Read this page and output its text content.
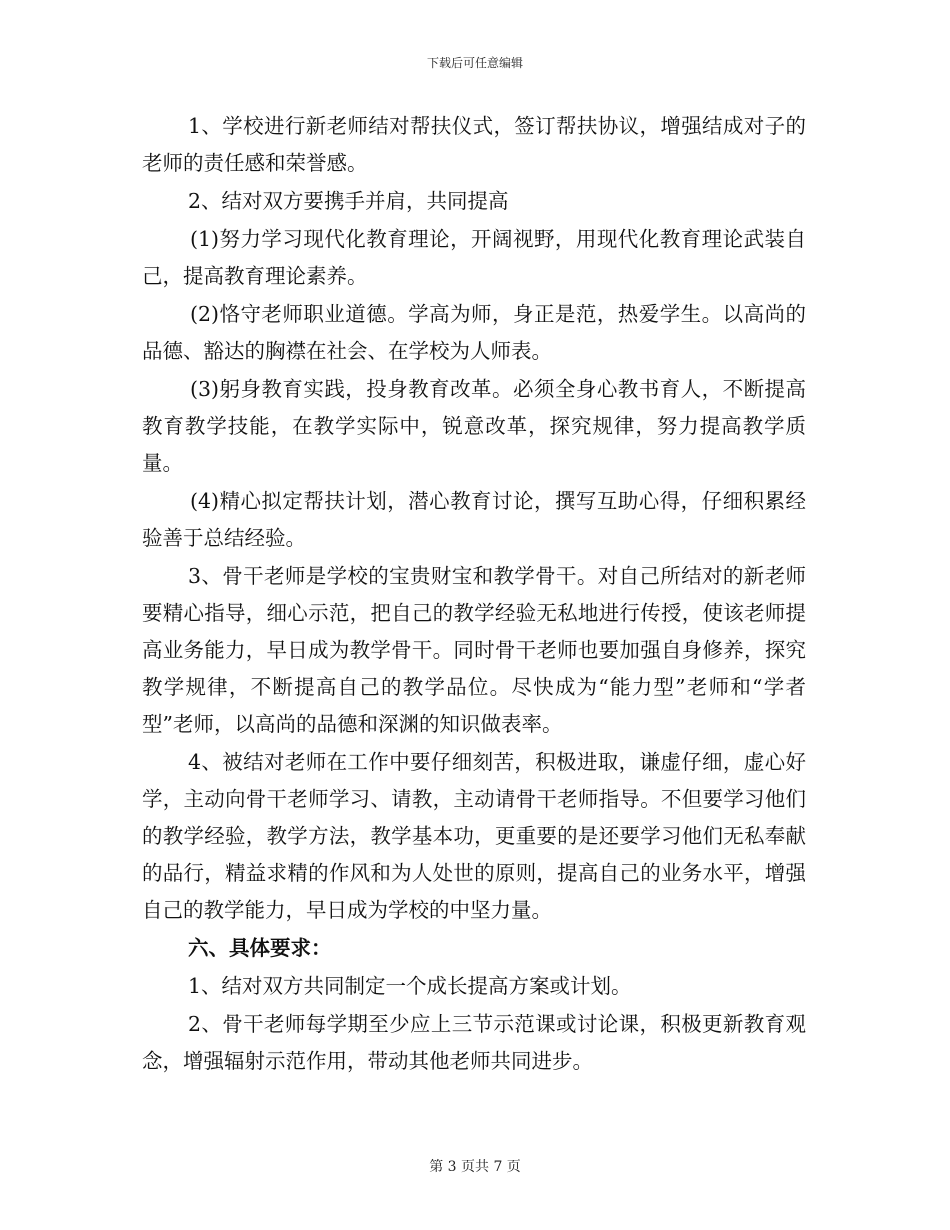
下载后可任意编辑

1、学校进行新老师结对帮扶仪式，签订帮扶协议，增强结成对子的老师的责任感和荣誉感。

2、结对双方要携手并肩，共同提高

(1)努力学习现代化教育理论，开阔视野，用现代化教育理论武装自己，提高教育理论素养。

(2)恪守老师职业道德。学高为师，身正是范，热爱学生。以高尚的品德、豁达的胸襟在社会、在学校为人师表。

(3)躬身教育实践，投身教育改革。必须全身心教书育人，不断提高教育教学技能，在教学实际中，锐意改革，探究规律，努力提高教学质量。

(4)精心拟定帮扶计划，潜心教育讨论，撰写互助心得，仔细积累经验善于总结经验。

3、骨干老师是学校的宝贵财宝和教学骨干。对自己所结对的新老师要精心指导，细心示范，把自己的教学经验无私地进行传授，使该老师提高业务能力，早日成为教学骨干。同时骨干老师也要加强自身修养，探究教学规律，不断提高自己的教学品位。尽快成为“能力型”老师和“学者型”老师，以高尚的品德和深渊的知识做表率。

4、被结对老师在工作中要仔细刻苦，积极进取，谦虚仔细，虚心好学，主动向骨干老师学习、请教，主动请骨干老师指导。不但要学习他们的教学经验，教学方法，教学基本功，更重要的是还要学习他们无私奉献的品行，精益求精的作风和为人处世的原则，提高自己的业务水平，增强自己的教学能力，早日成为学校的中坚力量。

六、具体要求：

1、结对双方共同制定一个成长提高方案或计划。

2、骨干老师每学期至少应上三节示范课或讨论课，积极更新教育观念，增强辐射示范作用，带动其他老师共同进步。

第 3 页共 7 页
